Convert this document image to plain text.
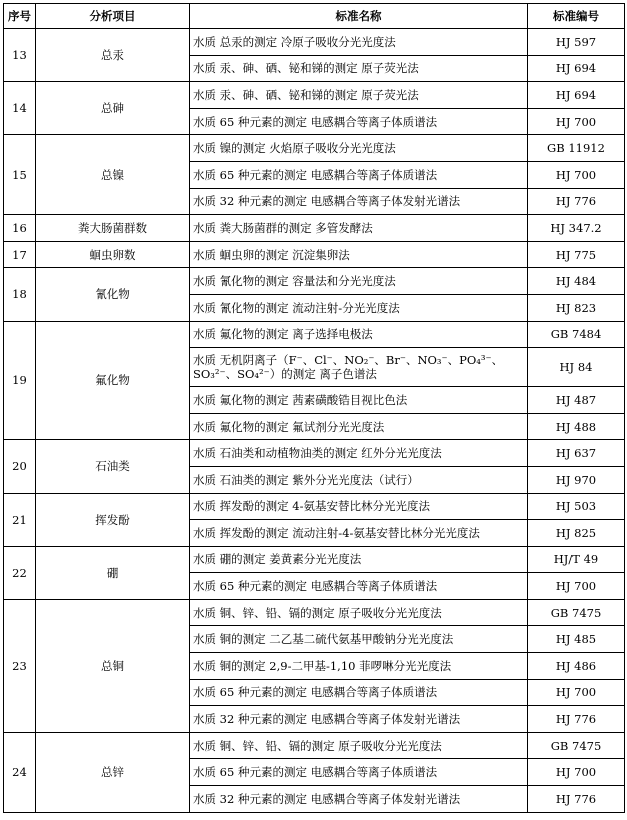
序号	分析项目	标准名称	标准编号
13	总汞	水质 总汞的测定 冷原子吸收分光光度法	HJ 597
		水质 汞、砷、硒、铋和锑的测定 原子荧光法	HJ 694
14	总砷	水质 汞、砷、硒、铋和锑的测定 原子荧光法	HJ 694
		水质 65 种元素的测定 电感耦合等离子体质谱法	HJ 700
15	总镍	水质 镍的测定 火焰原子吸收分光光度法	GB 11912
		水质 65 种元素的测定 电感耦合等离子体质谱法	HJ 700
		水质 32 种元素的测定 电感耦合等离子体发射光谱法	HJ 776
16	粪大肠菌群数	水质 粪大肠菌群的测定 多管发酵法	HJ 347.2
17	蛔虫卵数	水质 蛔虫卵的测定 沉淀集卵法	HJ 775
18	氰化物	水质 氰化物的测定 容量法和分光光度法	HJ 484
		水质 氰化物的测定 流动注射-分光光度法	HJ 823
19	氟化物	水质 氟化物的测定 离子选择电极法	GB 7484
		水质 无机阴离子（F⁻、Cl⁻、NO₂⁻、Br⁻、NO₃⁻、PO₄³⁻、SO₃²⁻、SO₄²⁻）的测定 离子色谱法	HJ 84
		水质 氟化物的测定 茜素磺酸锆目视比色法	HJ 487
		水质 氟化物的测定 氟试剂分光光度法	HJ 488
20	石油类	水质 石油类和动植物油类的测定 红外分光光度法	HJ 637
		水质 石油类的测定 紫外分光光度法（试行）	HJ 970
21	挥发酚	水质 挥发酚的测定 4-氨基安替比林分光光度法	HJ 503
		水质 挥发酚的测定 流动注射-4-氨基安替比林分光光度法	HJ 825
22	硼	水质 硼的测定 姜黄素分光光度法	HJ/T 49
		水质 65 种元素的测定 电感耦合等离子体质谱法	HJ 700
23	总铜	水质 铜、锌、铅、镉的测定 原子吸收分光光度法	GB 7475
		水质 铜的测定 二乙基二硫代氨基甲酸钠分光光度法	HJ 485
		水质 铜的测定 2,9-二甲基-1,10 菲啰啉分光光度法	HJ 486
		水质 65 种元素的测定 电感耦合等离子体质谱法	HJ 700
		水质 32 种元素的测定 电感耦合等离子体发射光谱法	HJ 776
24	总锌	水质 铜、锌、铅、镉的测定 原子吸收分光光度法	GB 7475
		水质 65 种元素的测定 电感耦合等离子体质谱法	HJ 700
		水质 32 种元素的测定 电感耦合等离子体发射光谱法	HJ 776
